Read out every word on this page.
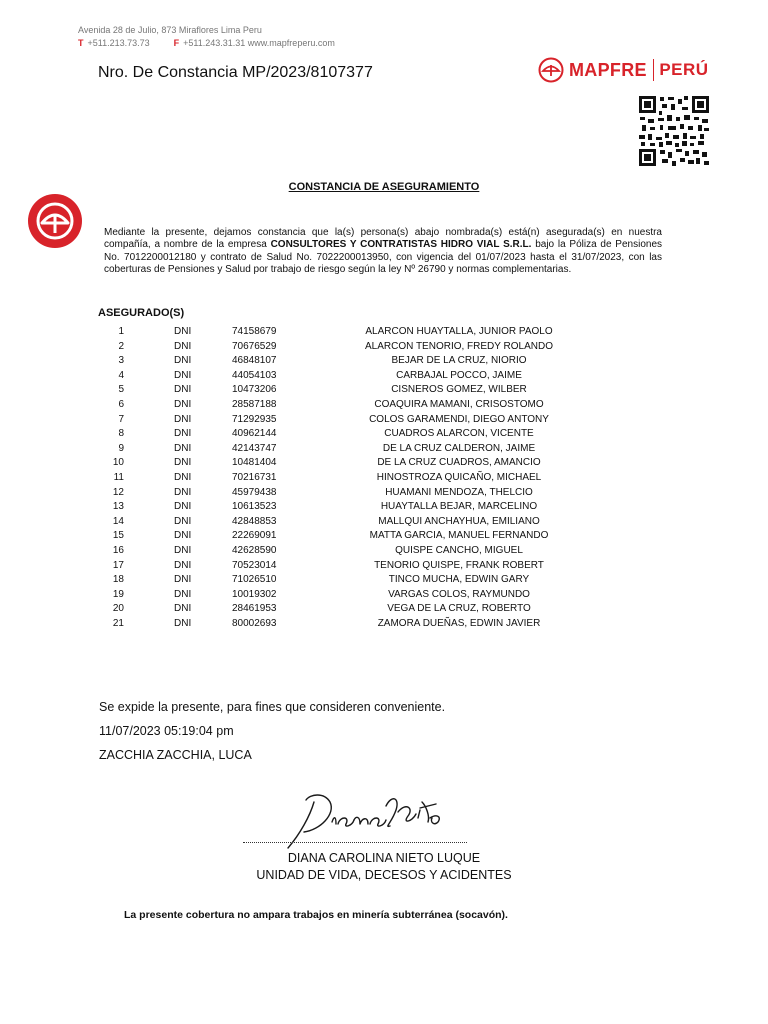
Avenida 28 de Julio, 873 Miraflores Lima Peru
T +511.213.73.73	F +511.243.31.31 www.mapfreperu.com
Nro. De Constancia MP/2023/8107377	MAPFRE PERÚ
CONSTANCIA DE ASEGURAMIENTO
Mediante la presente, dejamos constancia que la(s) persona(s) abajo nombrada(s) está(n) asegurada(s) en nuestra compañía, a nombre de la empresa CONSULTORES Y CONTRATISTAS HIDRO VIAL S.R.L. bajo la Póliza de Pensiones No. 7012200012180 y contrato de Salud No. 7022200013950, con vigencia del 01/07/2023 hasta el 31/07/2023, con las coberturas de Pensiones y Salud por trabajo de riesgo según la ley Nº 26790 y normas complementarias.
ASEGURADO(S)
1	DNI	74158679	ALARCON HUAYTALLA, JUNIOR PAOLO
2	DNI	70676529	ALARCON TENORIO, FREDY ROLANDO
3	DNI	46848107	BEJAR DE LA CRUZ, NIORIO
4	DNI	44054103	CARBAJAL POCCO, JAIME
5	DNI	10473206	CISNEROS GOMEZ, WILBER
6	DNI	28587188	COAQUIRA MAMANI, CRISOSTOMO
7	DNI	71292935	COLOS GARAMENDI, DIEGO ANTONY
8	DNI	40962144	CUADROS ALARCON, VICENTE
9	DNI	42143747	DE LA CRUZ CALDERON, JAIME
10	DNI	10481404	DE LA CRUZ CUADROS, AMANCIO
11	DNI	70216731	HINOSTROZA QUICAÑO, MICHAEL
12	DNI	45979438	HUAMANI MENDOZA, THELCIO
13	DNI	10613523	HUAYTALLA BEJAR, MARCELINO
14	DNI	42848853	MALLQUI ANCHAYHUA, EMILIANO
15	DNI	22269091	MATTA GARCIA, MANUEL FERNANDO
16	DNI	42628590	QUISPE CANCHO, MIGUEL
17	DNI	70523014	TENORIO QUISPE, FRANK ROBERT
18	DNI	71026510	TINCO MUCHA, EDWIN GARY
19	DNI	10019302	VARGAS COLOS, RAYMUNDO
20	DNI	28461953	VEGA DE LA CRUZ, ROBERTO
21	DNI	80002693	ZAMORA DUEÑAS, EDWIN JAVIER
Se expide la presente, para fines que consideren conveniente.
11/07/2023 05:19:04 pm
ZACCHIA ZACCHIA, LUCA
Diana Nieto
DIANA CAROLINA NIETO LUQUE
UNIDAD DE VIDA, DECESOS Y ACIDENTES
La presente cobertura no ampara trabajos en minería subterránea (socavón).
